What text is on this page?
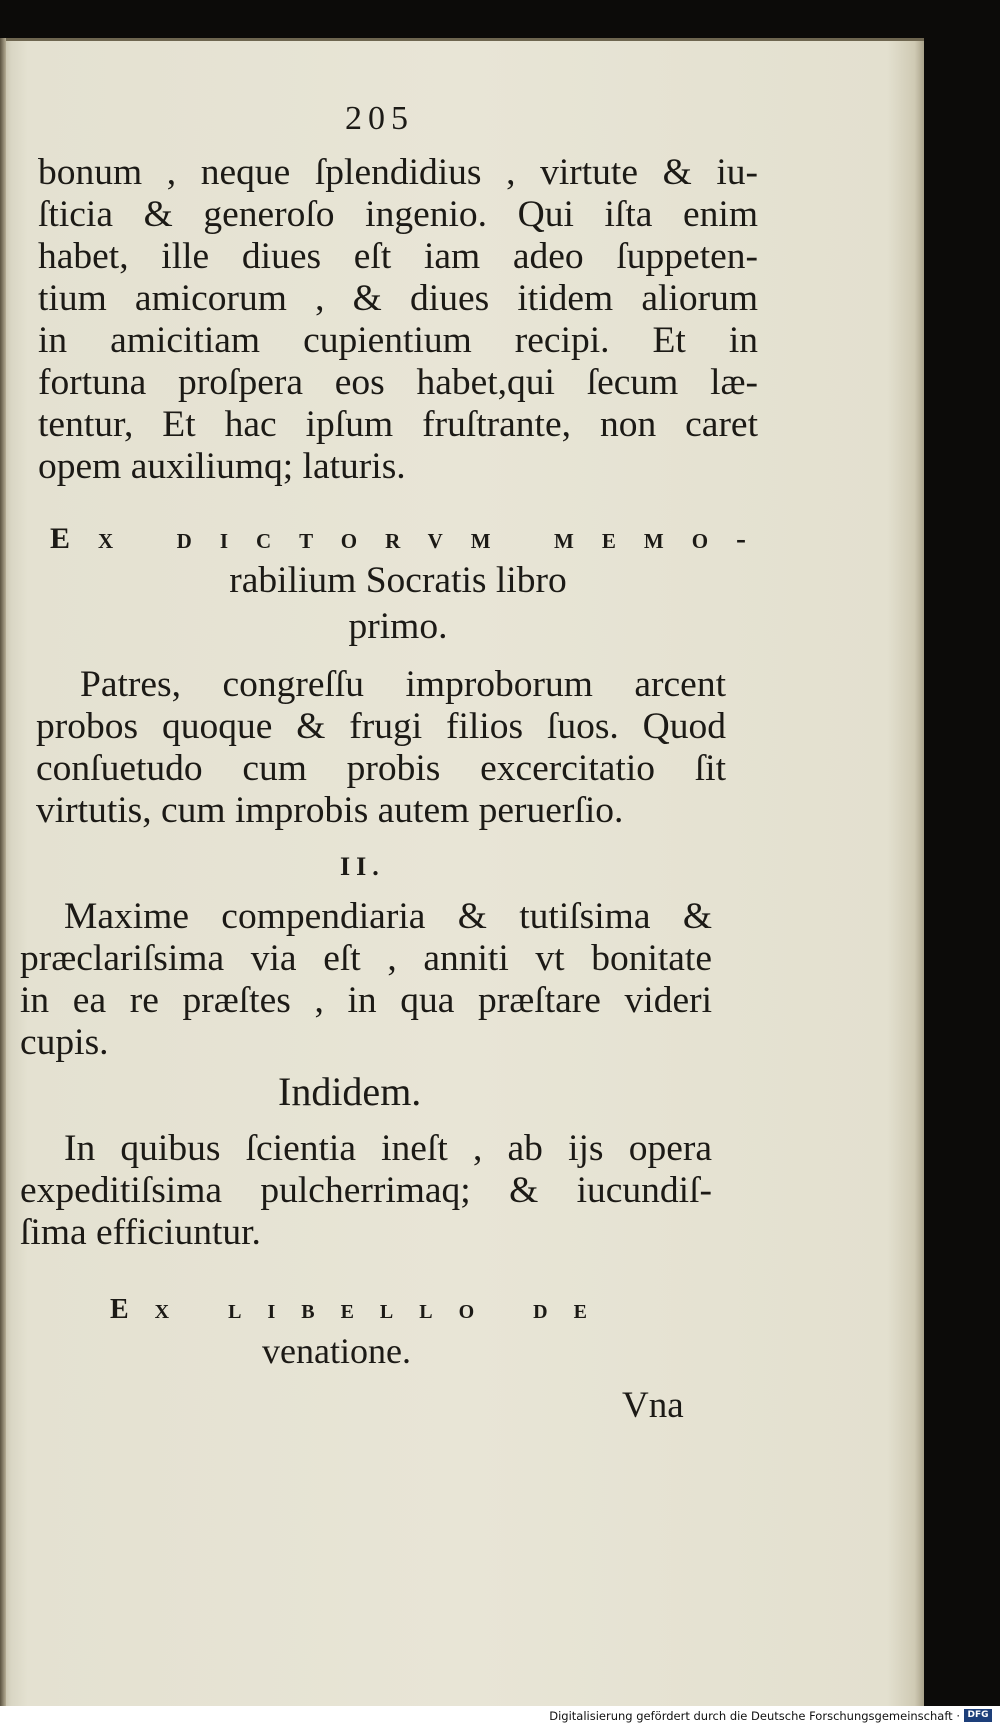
205
bonum , neque ſplendidius , virtute & iu-
ſticia & generoſo ingenio. Qui iſta enim
habet, ille diues eſt iam adeo ſuppeten-
tium amicorum , & diues itidem aliorum
in amicitiam cupientium recipi. Et in
fortuna proſpera eos habet,qui ſecum læ-
tentur, Et hac ipſum fruſtrante, non caret
opem auxiliumq; laturis.
Ex dictorvm memo-
rabilium Socratis libro
primo.
Patres, congreſſu improborum arcent
probos quoque & frugi filios ſuos. Quod
conſuetudo cum probis excercitatio ſit
virtutis, cum improbis autem peruerſio.
II.
Maxime compendiaria & tutiſsima &
præclariſsima via eſt , anniti vt bonitate
in ea re præſtes , in qua præſtare videri
cupis.
Indidem.
In quibus ſcientia ineſt , ab ijs opera
expeditiſsima pulcherrimaq; & iucundiſ-
ſima efficiuntur.
Ex libello de
venatione.
Vna
Digitalisierung gefördert durch die Deutsche Forschungsgemeinschaft · DFG
